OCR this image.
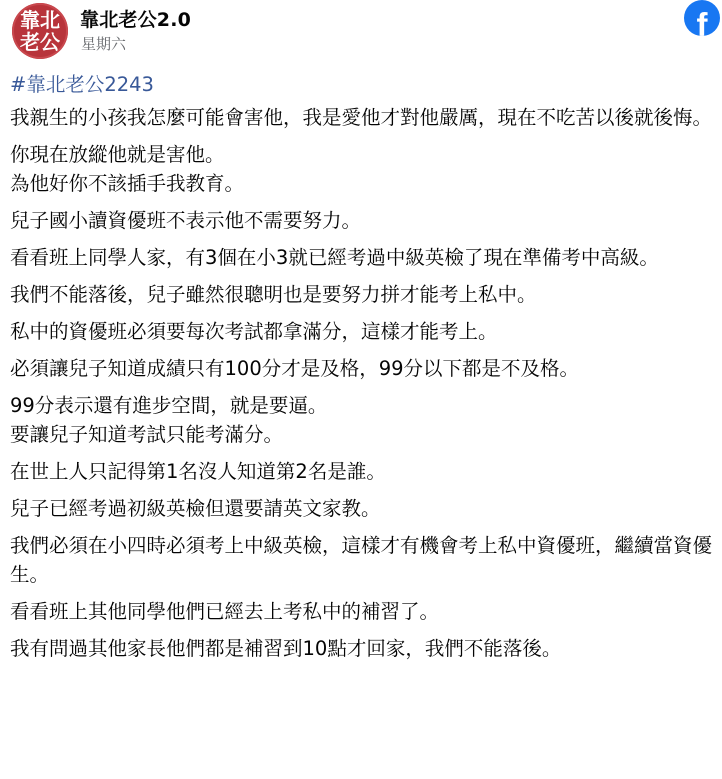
靠北
老公
靠北老公2.0
星期六
f
#靠北老公2243
我親生的小孩我怎麼可能會害他，我是愛他才對他嚴厲，現在不吃苦以後就後悔。
你現在放縱他就是害他。
為他好你不該插手我教育。
兒子國小讀資優班不表示他不需要努力。
看看班上同學人家，有3個在小3就已經考過中級英檢了現在準備考中高級。
我們不能落後，兒子雖然很聰明也是要努力拼才能考上私中。
私中的資優班必須要每次考試都拿滿分，這樣才能考上。
必須讓兒子知道成績只有100分才是及格，99分以下都是不及格。
99分表示還有進步空間，就是要逼。
要讓兒子知道考試只能考滿分。
在世上人只記得第1名沒人知道第2名是誰。
兒子已經考過初級英檢但還要請英文家教。
我們必須在小四時必須考上中級英檢，這樣才有機會考上私中資優班，繼續當資優生。
看看班上其他同學他們已經去上考私中的補習了。
我有問過其他家長他們都是補習到10點才回家，我們不能落後。
